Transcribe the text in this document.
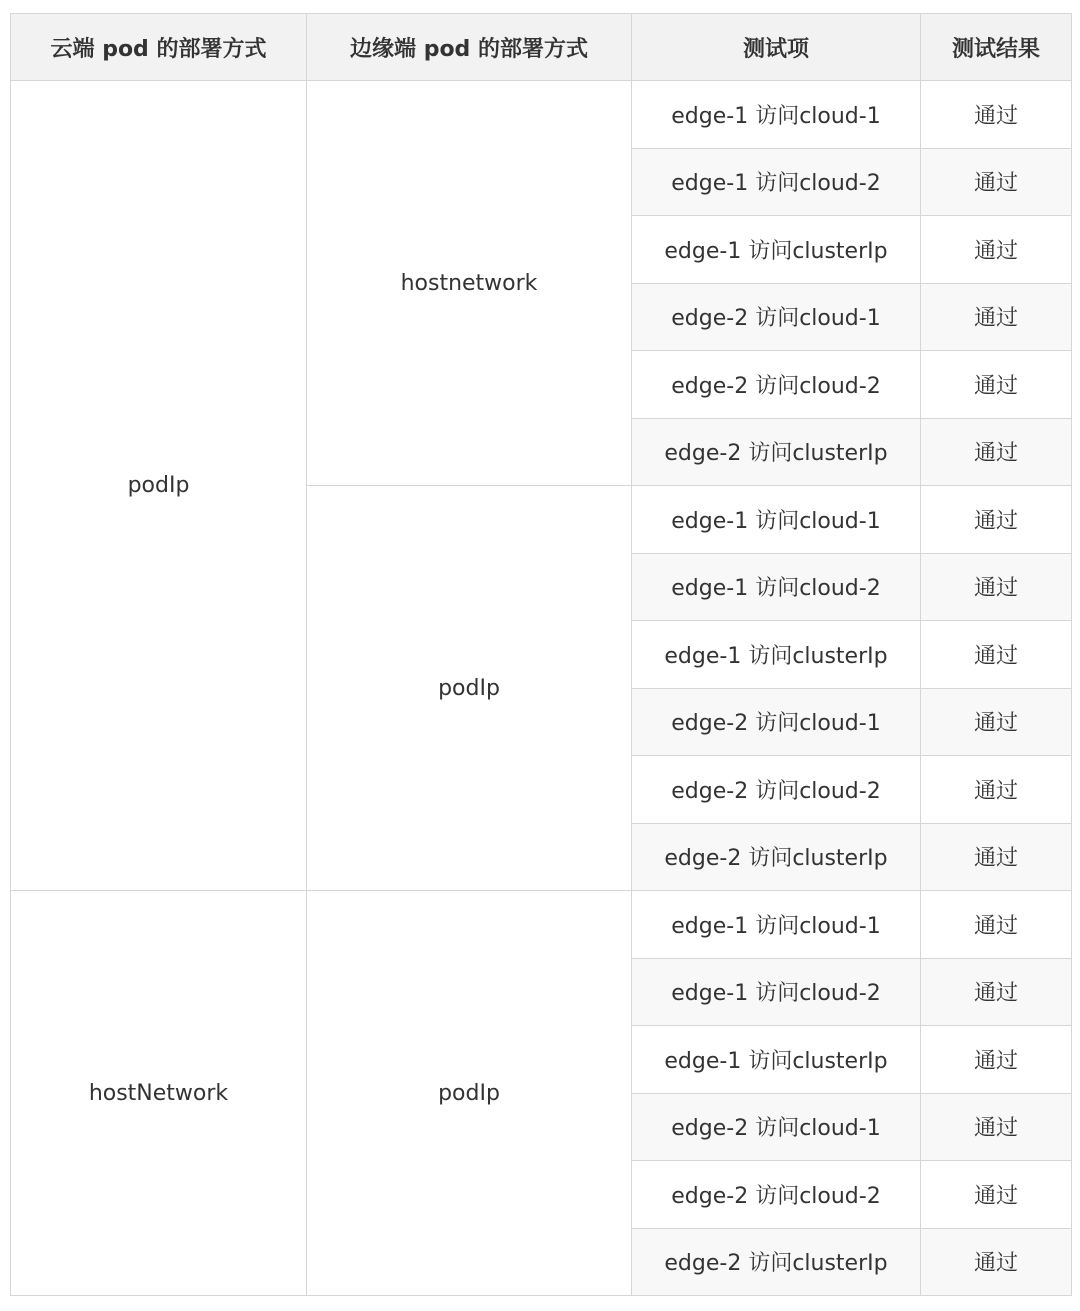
云端 pod 的部署方式	边缘端 pod 的部署方式	测试项	测试结果
podIp	hostnetwork	edge-1 访问cloud-1	通过
		edge-1 访问cloud-2	通过
		edge-1 访问clusterIp	通过
		edge-2 访问cloud-1	通过
		edge-2 访问cloud-2	通过
		edge-2 访问clusterIp	通过
	podIp	edge-1 访问cloud-1	通过
		edge-1 访问cloud-2	通过
		edge-1 访问clusterIp	通过
		edge-2 访问cloud-1	通过
		edge-2 访问cloud-2	通过
		edge-2 访问clusterIp	通过
hostNetwork	podIp	edge-1 访问cloud-1	通过
		edge-1 访问cloud-2	通过
		edge-1 访问clusterIp	通过
		edge-2 访问cloud-1	通过
		edge-2 访问cloud-2	通过
		edge-2 访问clusterIp	通过
